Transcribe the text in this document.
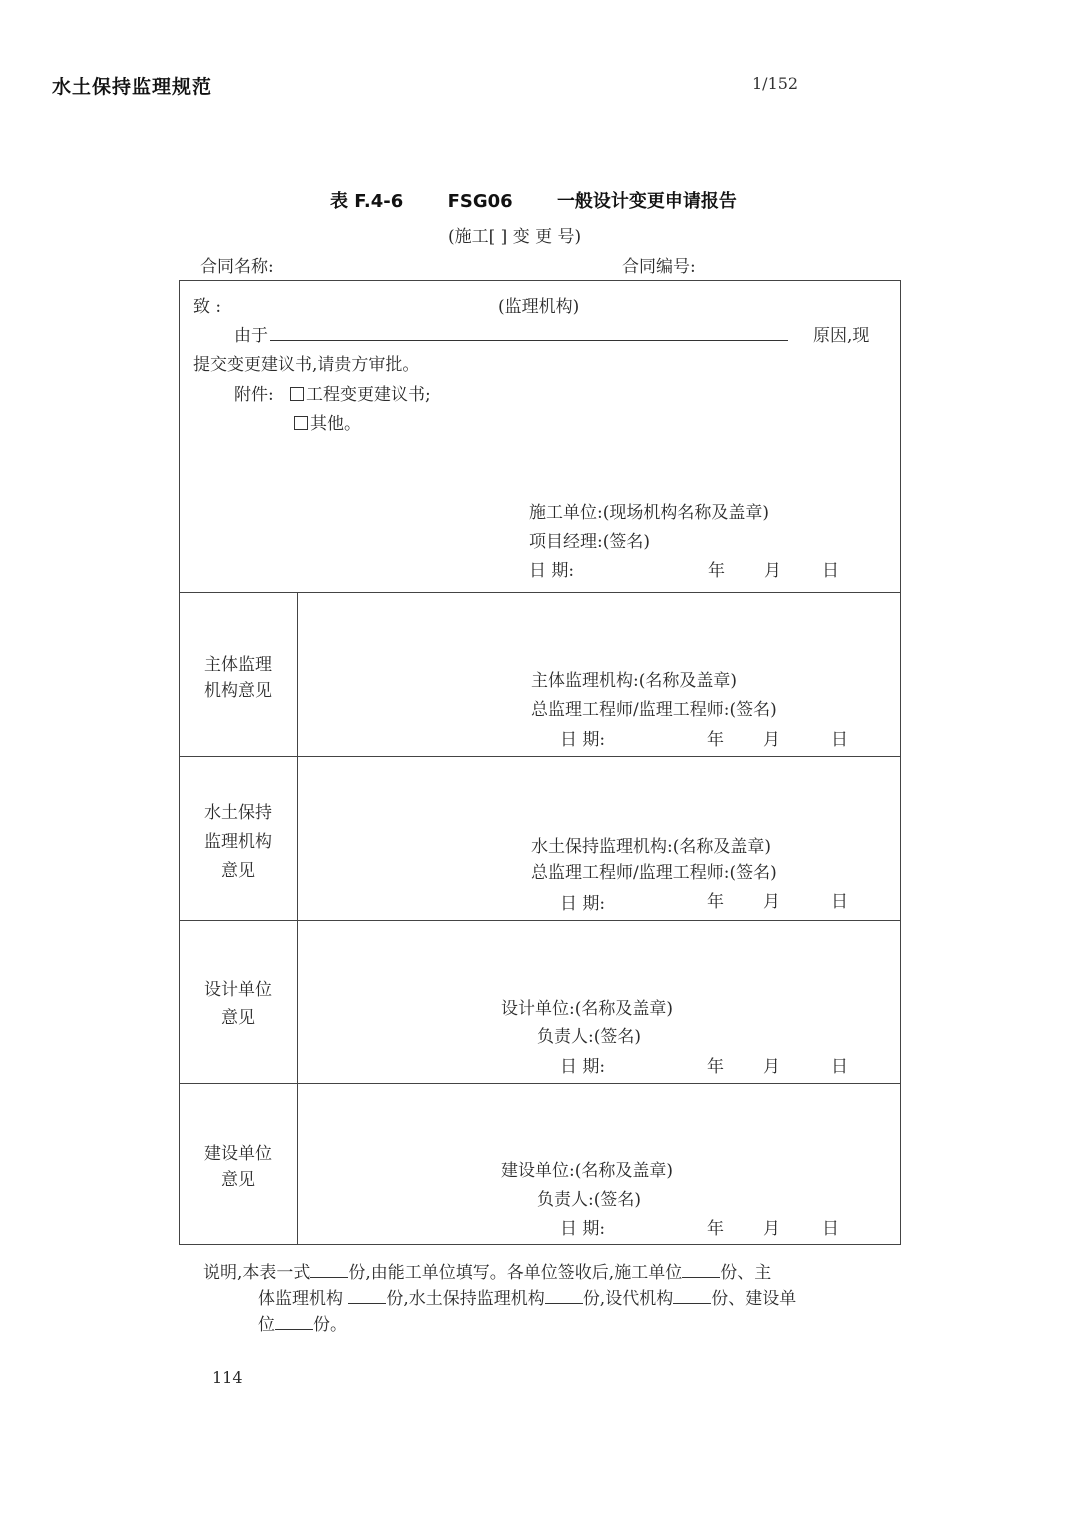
水土保持监理规范	1/152
表 F.4-6 FSG06 一般设计变更申请报告
(施工[ ] 变 更 号)
合同名称:	合同编号:
致 :	(监理机构)
由于	原因,现
提交变更建议书,请贵方审批。
附件:	工程变更建议书;
其他。
施工单位:(现场机构名称及盖章)
项目经理:(签名)
日 期:	年 月 日
主体监理
机构意见	主体监理机构:(名称及盖章)
总监理工程师/监理工程师:(签名)
日 期:	年 月	日
水土保持
监理机构
意见
水土保持监理机构:(名称及盖章)
总监理工程师/监理工程师:(签名)
日 期:	年 月	日
设计单位
意见	设计单位:(名称及盖章)
负责人:(签名)
日 期:	年 月	日
建设单位
意见	建设单位:(名称及盖章)
负责人:(签名)
日 期:	年 月 日
说明,本表一式 份,由能工单位填写。各单位签收后,施工单位 份、主
体监理机构 份,水土保持监理机构 份,设代机构 份、建设单
位 份。
114
